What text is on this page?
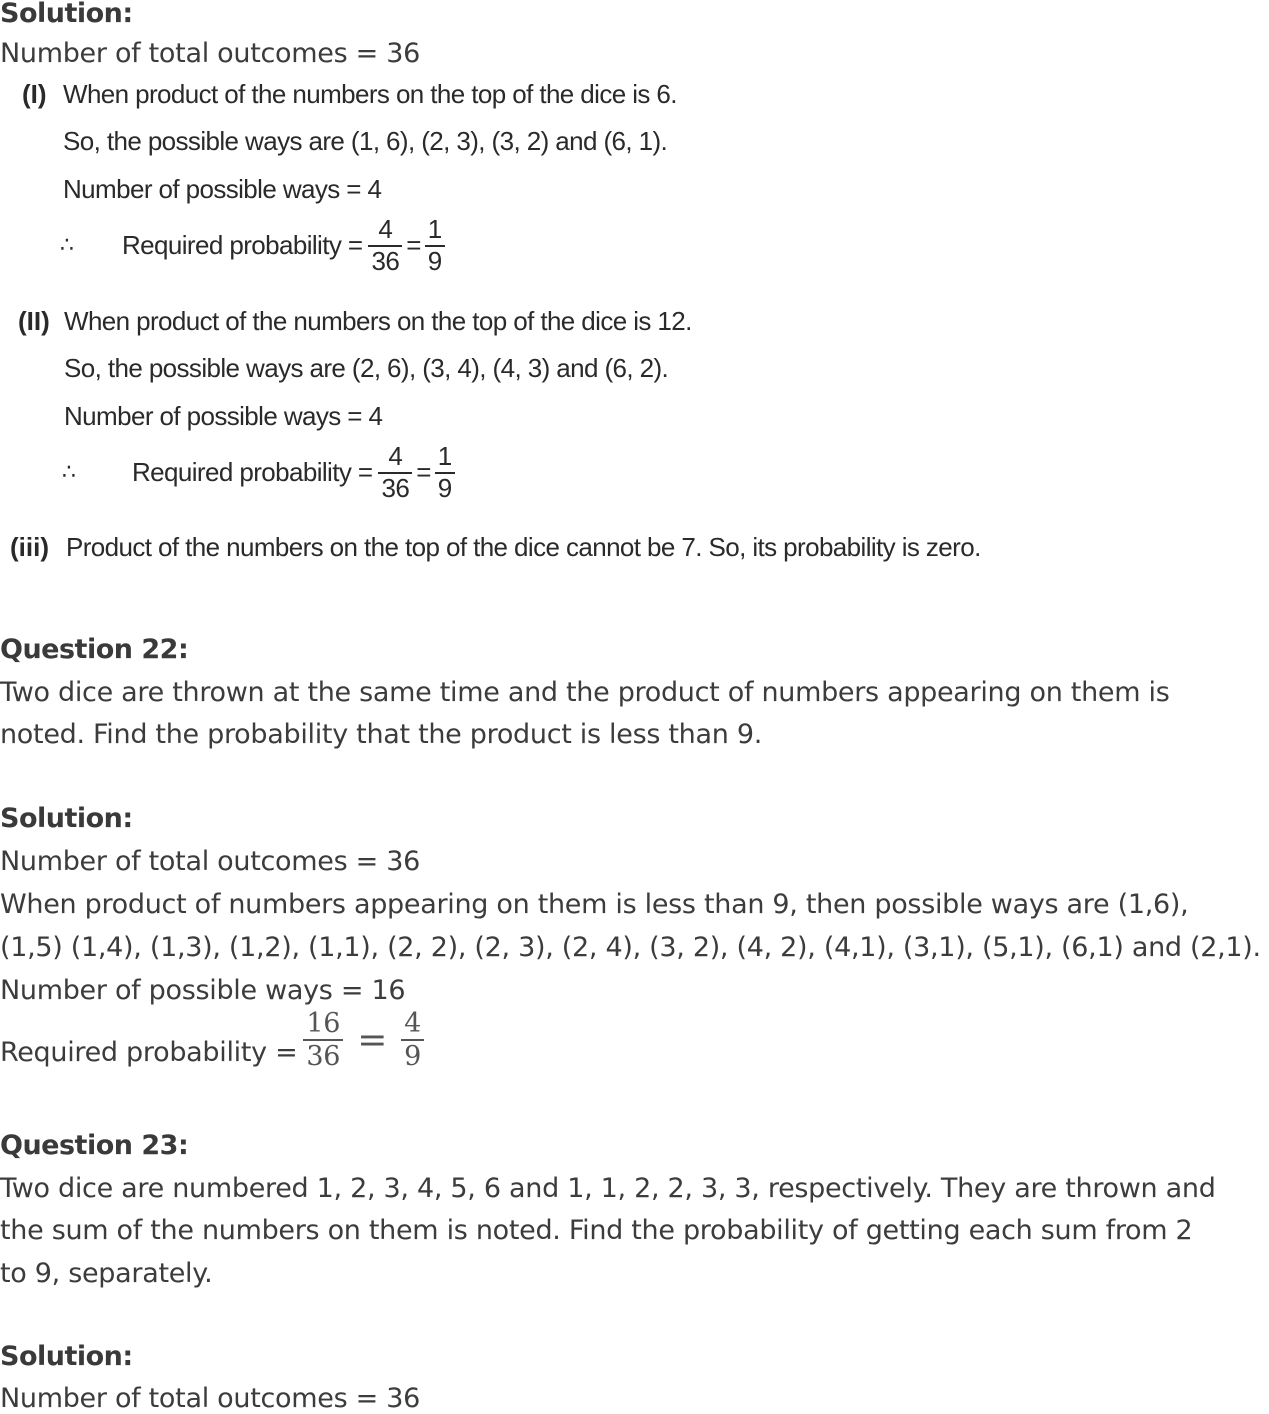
Solution:
Number of total outcomes = 36
(I) When product of the numbers on the top of the dice is 6.
So, the possible ways are (1, 6), (2, 3), (3, 2) and (6, 1).
Number of possible ways = 4
∴	Required probability = $\frac{4}{36} = \frac{1}{9}$
(II) When product of the numbers on the top of the dice is 12.
So, the possible ways are (2, 6), (3, 4), (4, 3) and (6, 2).
Number of possible ways = 4
∴	Required probability = $\frac{4}{36} = \frac{1}{9}$
(iii) Product of the numbers on the top of the dice cannot be 7. So, its probability is zero.
Question 22:
Two dice are thrown at the same time and the product of numbers appearing on them is
noted. Find the probability that the product is less than 9.
Solution:
Number of total outcomes = 36
When product of numbers appearing on them is less than 9, then possible ways are (1,6),
(1,5) (1,4), (1,3), (1,2), (1,1), (2, 2), (2, 3), (2, 4), (3, 2), (4, 2), (4,1), (3,1), (5,1), (6,1) and (2,1).
Number of possible ways = 16
Required probability = $\frac{16}{36} = \frac{4}{9}$
Question 23:
Two dice are numbered 1, 2, 3, 4, 5, 6 and 1, 1, 2, 2, 3, 3, respectively. They are thrown and
the sum of the numbers on them is noted. Find the probability of getting each sum from 2
to 9, separately.
Solution:
Number of total outcomes = 36
